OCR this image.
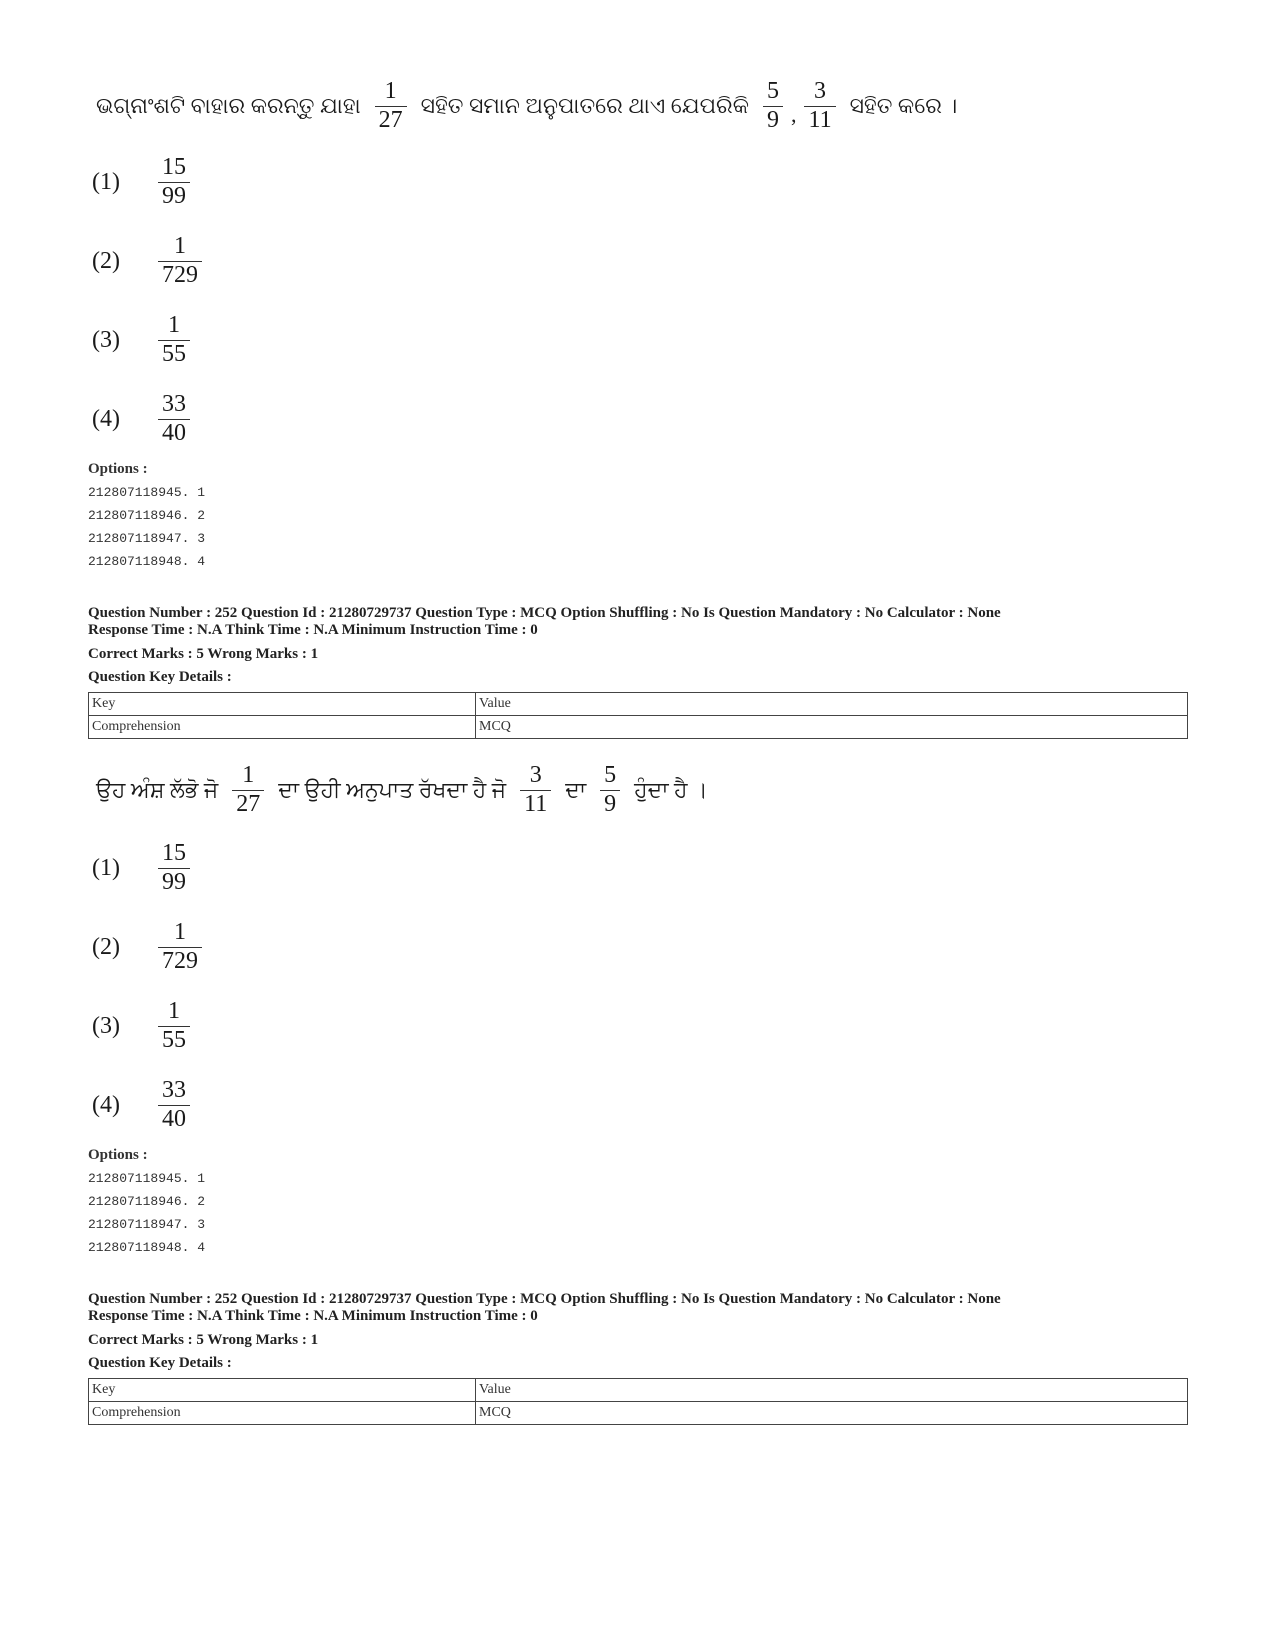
ଭଗ୍ନାଂଶଟି ବାହାର କରନ୍ତୁ ଯାହା $\frac{1}{27}$ ସହିତ ସମାନ ଅନୁପାତରେ ଥାଏ ଯେପରିକି $\frac{5}{9}$ , $\frac{3}{11}$ ସହିତ କରେ ।
(1)	$\frac{15}{99}$
(2)	$\frac{1}{729}$
(3)	$\frac{1}{55}$
(4)	$\frac{33}{40}$
Options :
212807118945. 1
212807118946. 2
212807118947. 3
212807118948. 4
Question Number : 252 Question Id : 21280729737 Question Type : MCQ Option Shuffling : No Is Question Mandatory : No Calculator : None
Response Time : N.A Think Time : N.A Minimum Instruction Time : 0
Correct Marks : 5 Wrong Marks : 1
Question Key Details :
Key	Value
Comprehension	MCQ
ਉਹ ਅੰਸ਼ ਲੱਭੋ ਜੋ $\frac{1}{27}$ ਦਾ ਉਹੀ ਅਨੁਪਾਤ ਰੱਖਦਾ ਹੈ ਜੋ $\frac{3}{11}$ ਦਾ $\frac{5}{9}$ ਹੁੰਦਾ ਹੈ ।
(1)	$\frac{15}{99}$
(2)	$\frac{1}{729}$
(3)	$\frac{1}{55}$
(4)	$\frac{33}{40}$
Options :
212807118945. 1
212807118946. 2
212807118947. 3
212807118948. 4
Question Number : 252 Question Id : 21280729737 Question Type : MCQ Option Shuffling : No Is Question Mandatory : No Calculator : None
Response Time : N.A Think Time : N.A Minimum Instruction Time : 0
Correct Marks : 5 Wrong Marks : 1
Question Key Details :
Key	Value
Comprehension	MCQ
